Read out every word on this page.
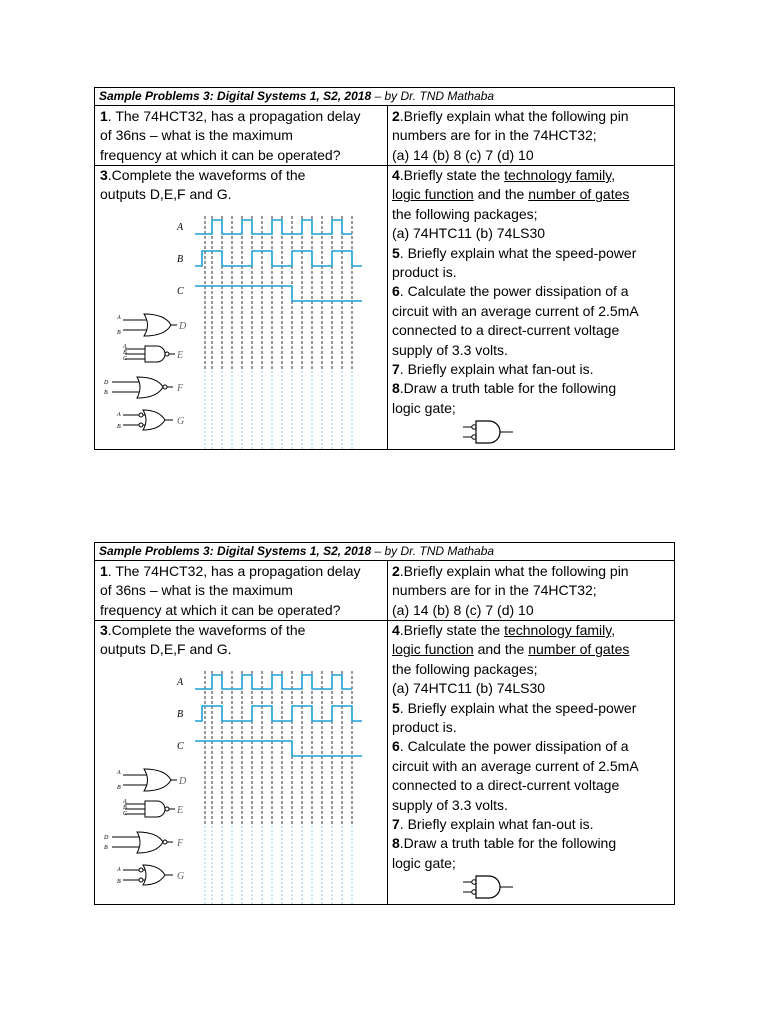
Sample Problems 3: Digital Systems 1, S2, 2018 – by Dr. TND Mathaba
1. The 74HCT32, has a propagation delay
of 36ns – what is the maximum
frequency at which it can be operated?
2.Briefly explain what the following pin
numbers are for in the 74HCT32;
(a) 14 (b) 8 (c) 7 (d) 10
3.Complete the waveforms of the
outputs D,E,F and G.
4.Briefly state the technology family,
logic function and the number of gates
the following packages;
(a) 74HTC11 (b) 74LS30
5. Briefly explain what the speed-power
product is.
6. Calculate the power dissipation of a
circuit with an average current of 2.5mA
connected to a direct-current voltage
supply of 3.3 volts.
7. Briefly explain what fan-out is.
8.Draw a truth table for the following
logic gate;
A
B
C
A
B
A
B
C
D
B
A
B
D
E
F
G
Sample Problems 3: Digital Systems 1, S2, 2018 – by Dr. TND Mathaba
1. The 74HCT32, has a propagation delay
of 36ns – what is the maximum
frequency at which it can be operated?
2.Briefly explain what the following pin
numbers are for in the 74HCT32;
(a) 14 (b) 8 (c) 7 (d) 10
3.Complete the waveforms of the
outputs D,E,F and G.
4.Briefly state the technology family,
logic function and the number of gates
the following packages;
(a) 74HTC11 (b) 74LS30
5. Briefly explain what the speed-power
product is.
6. Calculate the power dissipation of a
circuit with an average current of 2.5mA
connected to a direct-current voltage
supply of 3.3 volts.
7. Briefly explain what fan-out is.
8.Draw a truth table for the following
logic gate;
A
B
C
A
B
A
B
C
D
B
A
B
D
E
F
G
